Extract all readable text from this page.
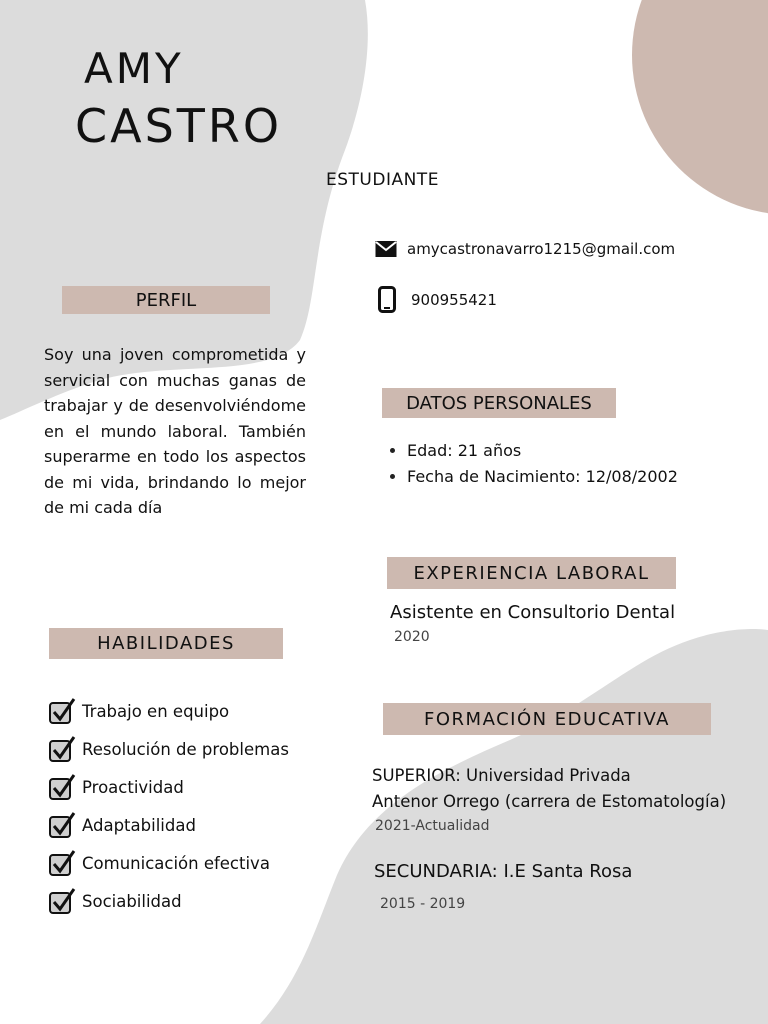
AMY
CASTRO
ESTUDIANTE
amycastronavarro1215@gmail.com
900955421
PERFIL

Soy una joven comprometida y servicial con muchas ganas de trabajar y de desenvolviéndome en el mundo laboral. También superarme en todo los aspectos de mi vida, brindando lo mejor de mi cada día

HABILIDADES
Trabajo en equipo
Resolución de problemas
Proactividad
Adaptabilidad
Comunicación efectiva
Sociabilidad
DATOS PERSONALES
Edad: 21 años
Fecha de Nacimiento: 12/08/2002
EXPERIENCIA LABORAL
Asistente en Consultorio Dental
2020
FORMACIÓN EDUCATIVA
SUPERIOR: Universidad Privada
Antenor Orrego (carrera de Estomatología)
2021-Actualidad
SECUNDARIA: I.E Santa Rosa
2015 - 2019
